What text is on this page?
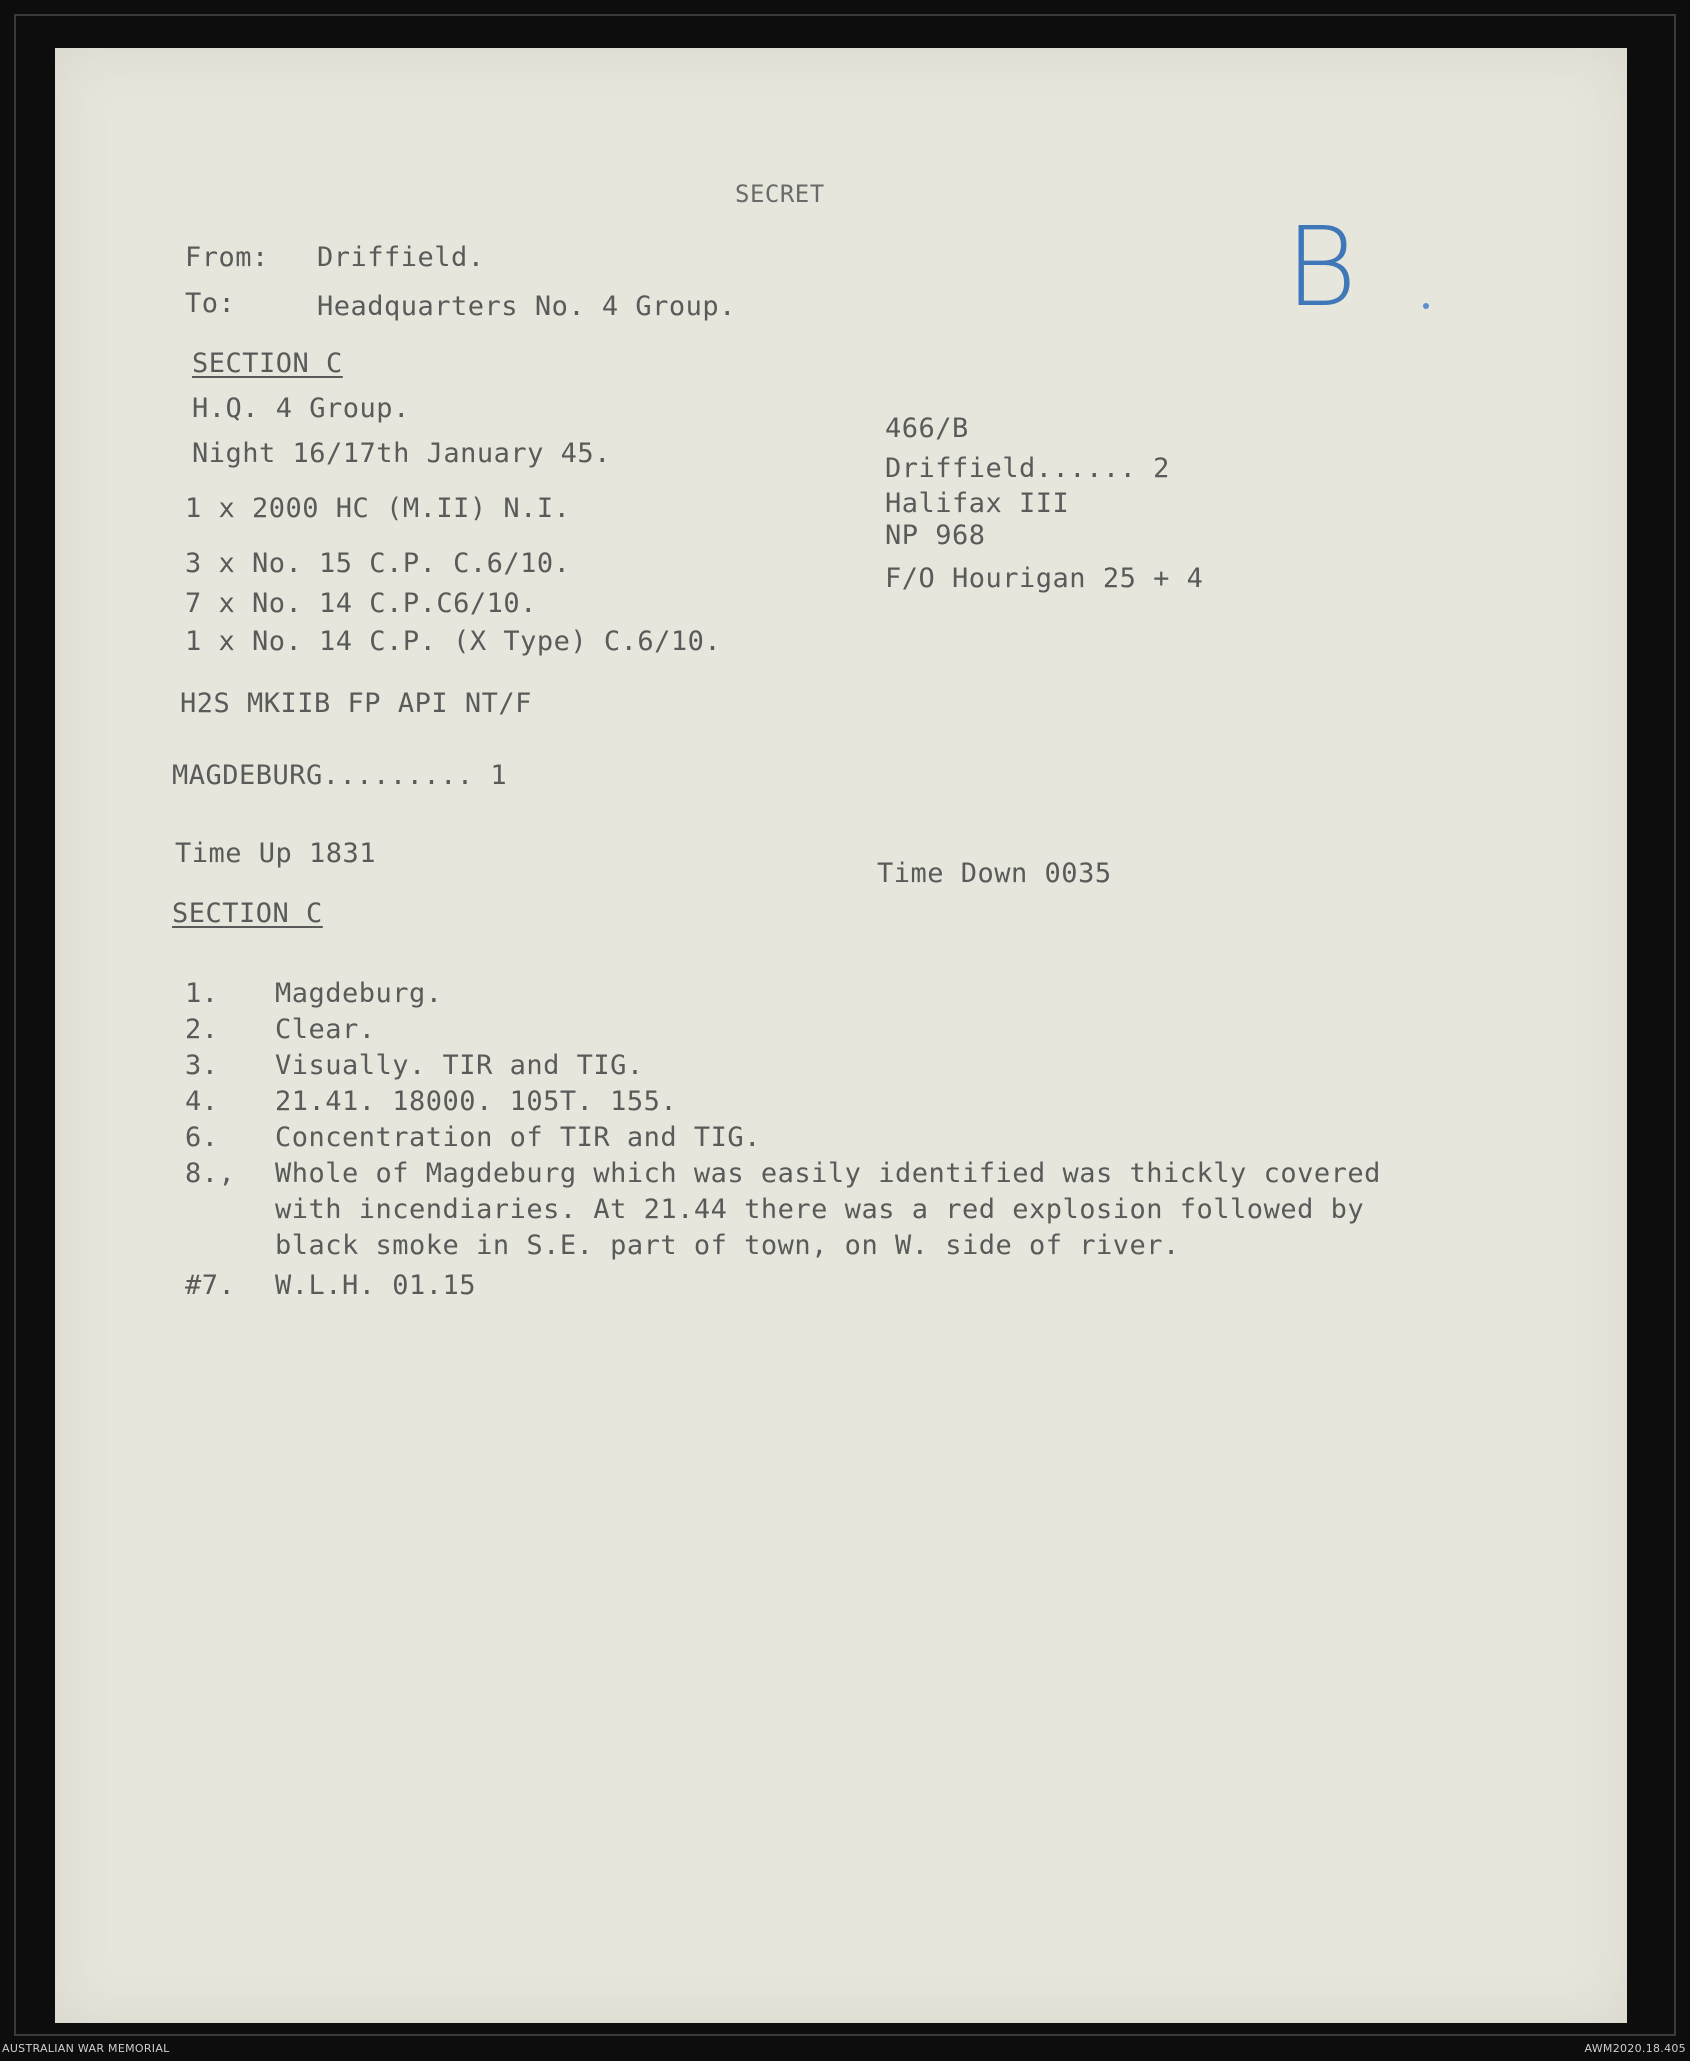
SECRET
From: Driffield.
To:	Headquarters No. 4 Group.
SECTION C
H.Q. 4 Group.
Night 16/17th January 45.
1 x 2000 HC (M.II) N.I.
3 x No. 15 C.P. C.6/10.
7 x No. 14 C.P.C6/10.
1 x No. 14 C.P. (X Type) C.6/10.
H2S MKIIB FP API NT/F
MAGDEBURG......... 1
Time Up 1831
466/B
Driffield...... 2
Halifax III
NP 968
F/O Hourigan 25 + 4
Time Down 0035
SECTION C
1. Magdeburg.
2. Clear.
3. Visually. TIR and TIG.
4. 21.41. 18000. 105T. 155.
6. Concentration of TIR and TIG.
8., Whole of Magdeburg which was easily identified was thickly covered
with incendiaries. At 21.44 there was a red explosion followed by
black smoke in S.E. part of town, on W. side of river.
#7. W.L.H. 01.15
B
AUSTRALIAN WAR MEMORIAL	AWM2020.18.405
